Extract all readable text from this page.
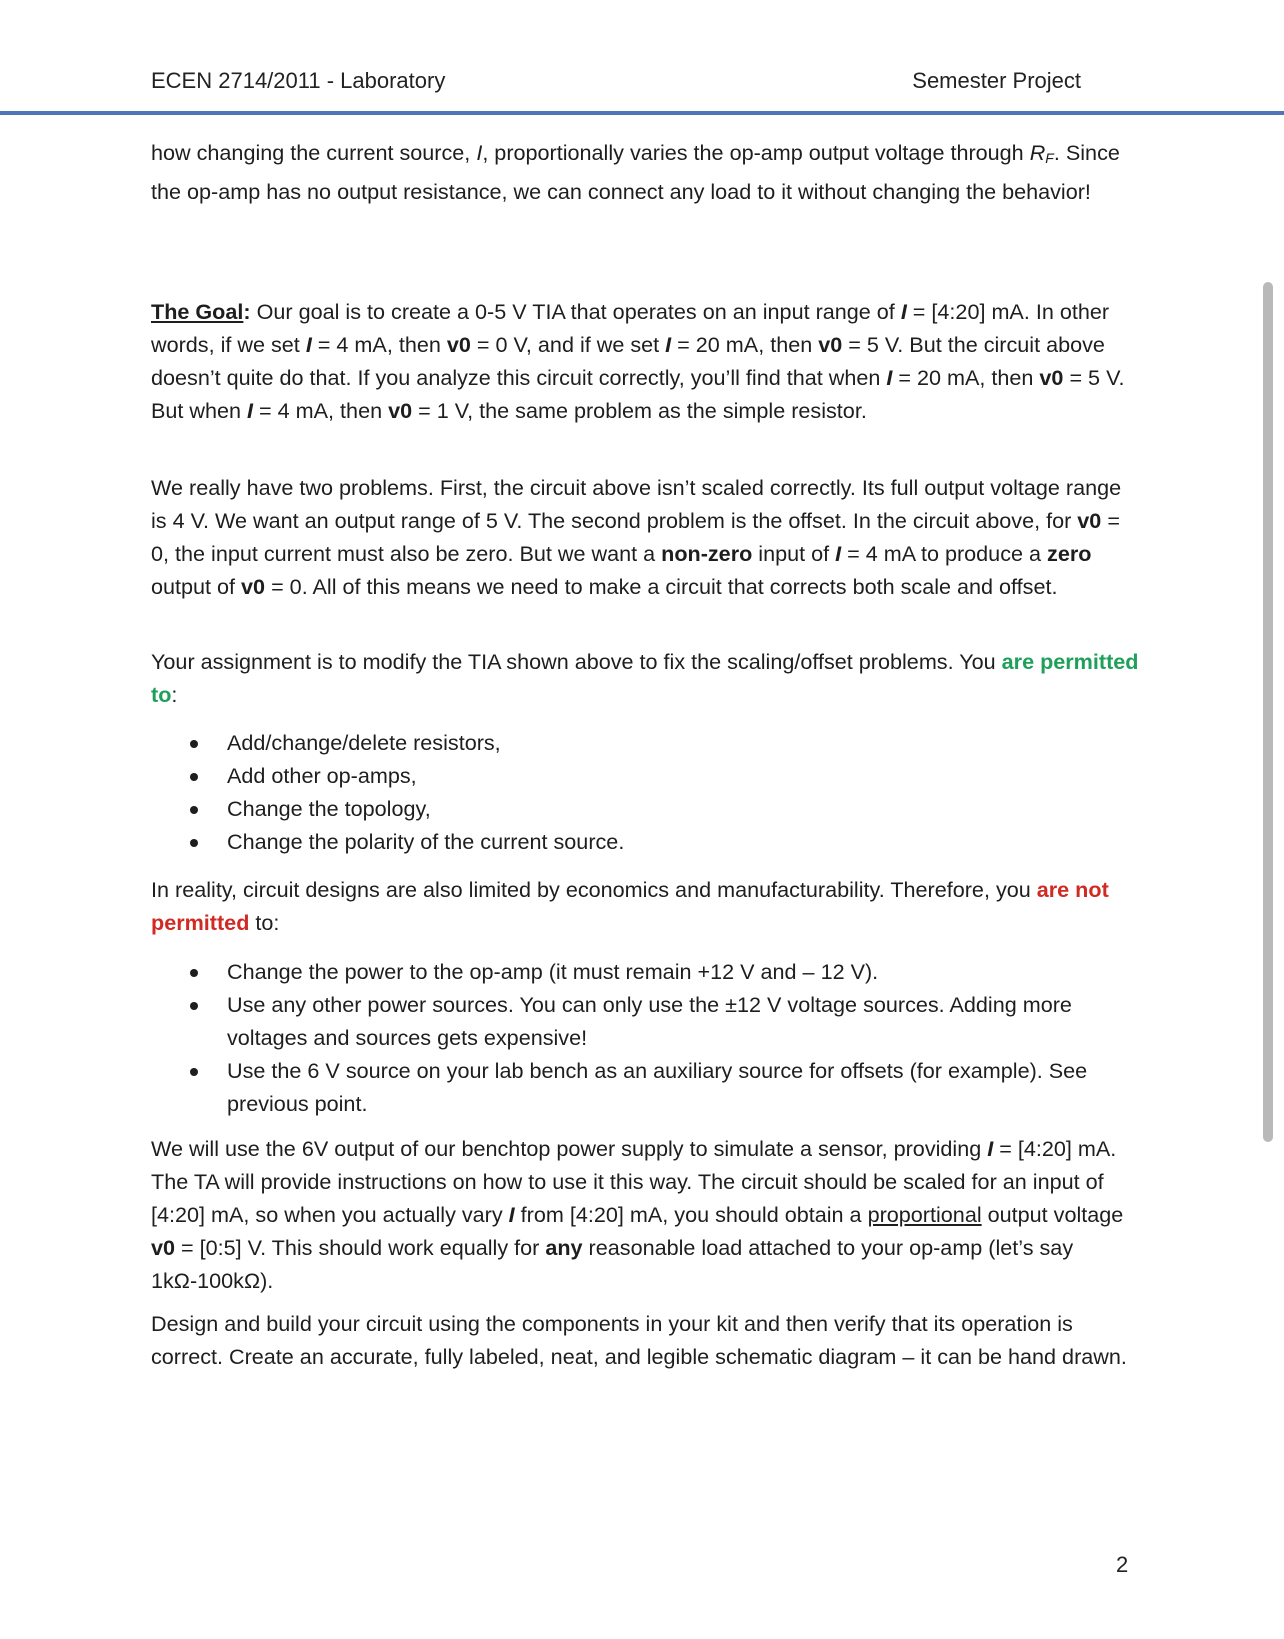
ECEN 2714/2011 - Laboratory	Semester Project

how changing the current source, I, proportionally varies the op-amp output voltage through $R_F$. Since the op-amp has no output resistance, we can connect any load to it without changing the behavior!

The Goal: Our goal is to create a 0-5 V TIA that operates on an input range of I = [4:20] mA. In other words, if we set I = 4 mA, then v0 = 0 V, and if we set I = 20 mA, then v0 = 5 V. But the circuit above doesn’t quite do that. If you analyze this circuit correctly, you’ll find that when I = 20 mA, then v0 = 5 V. But when I = 4 mA, then v0 = 1 V, the same problem as the simple resistor.

We really have two problems. First, the circuit above isn’t scaled correctly. Its full output voltage range is 4 V. We want an output range of 5 V. The second problem is the offset. In the circuit above, for v0 = 0, the input current must also be zero. But we want a non-zero input of I = 4 mA to produce a zero output of v0 = 0. All of this means we need to make a circuit that corrects both scale and offset.

Your assignment is to modify the TIA shown above to fix the scaling/offset problems. You are permitted to:

Add/change/delete resistors,
Add other op-amps,
Change the topology,
Change the polarity of the current source.

In reality, circuit designs are also limited by economics and manufacturability. Therefore, you are not permitted to:

Change the power to the op-amp (it must remain +12 V and – 12 V).
Use any other power sources. You can only use the ±12 V voltage sources. Adding more voltages and sources gets expensive!
Use the 6 V source on your lab bench as an auxiliary source for offsets (for example). See previous point.

We will use the 6V output of our benchtop power supply to simulate a sensor, providing I = [4:20] mA. The TA will provide instructions on how to use it this way. The circuit should be scaled for an input of [4:20] mA, so when you actually vary I from [4:20] mA, you should obtain a proportional output voltage v0 = [0:5] V. This should work equally for any reasonable load attached to your op-amp (let’s say 1kΩ-100kΩ).

Design and build your circuit using the components in your kit and then verify that its operation is correct. Create an accurate, fully labeled, neat, and legible schematic diagram – it can be hand drawn.

2
